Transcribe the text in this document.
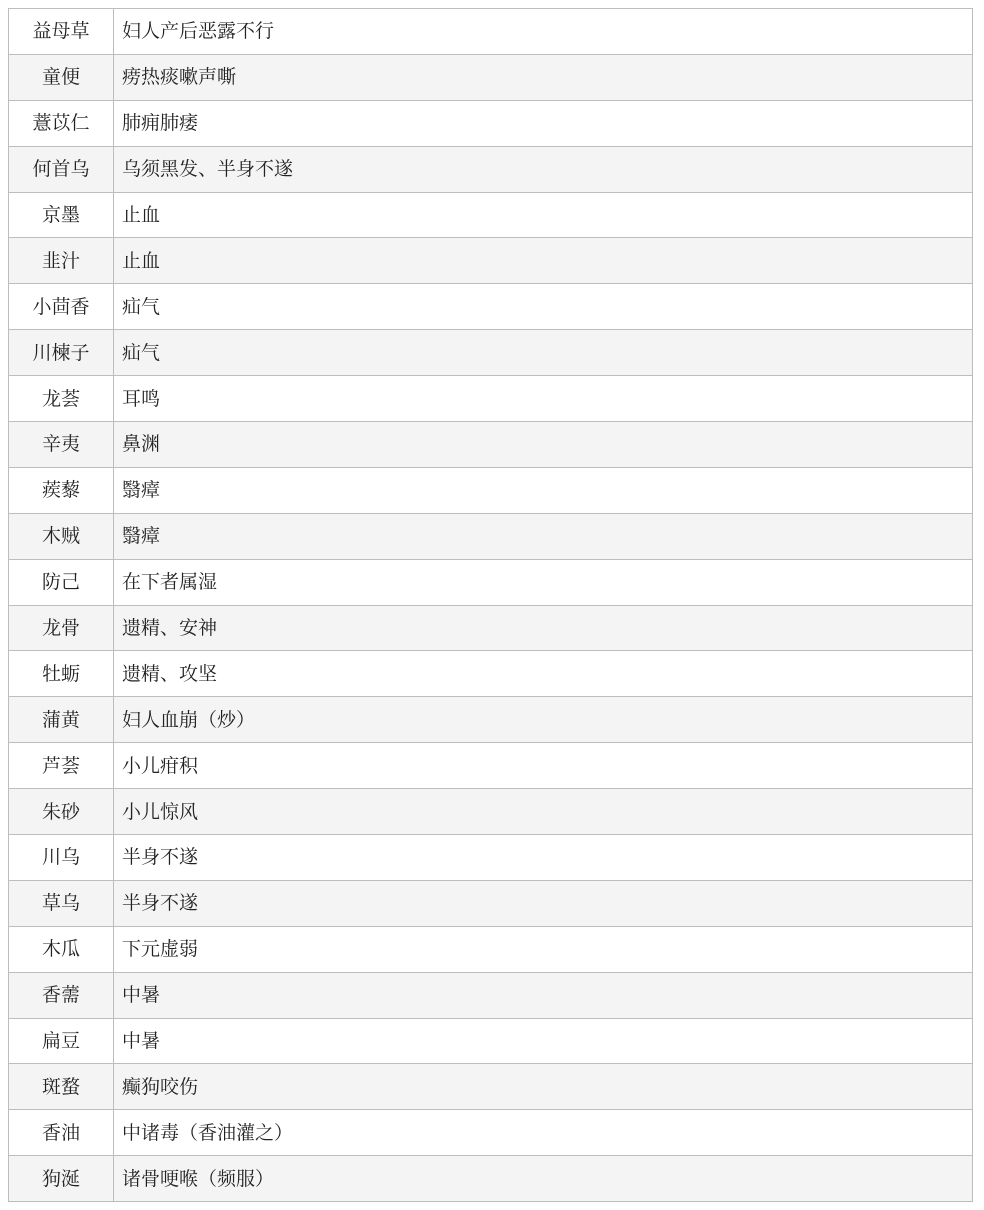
益母草	妇人产后恶露不行
童便	痨热痰嗽声嘶
薏苡仁	肺痈肺痿
何首乌	乌须黑发、半身不遂
京墨	止血
韭汁	止血
小茴香	疝气
川楝子	疝气
龙荟	耳鸣
辛夷	鼻渊
蒺藜	翳瘴
木贼	翳瘴
防己	在下者属湿
龙骨	遗精、安神
牡蛎	遗精、攻坚
蒲黄	妇人血崩（炒）
芦荟	小儿疳积
朱砂	小儿惊风
川乌	半身不遂
草乌	半身不遂
木瓜	下元虚弱
香薷	中暑
扁豆	中暑
斑蝥	癫狗咬伤
香油	中诸毒（香油灌之）
狗涎	诸骨哽喉（频服）
